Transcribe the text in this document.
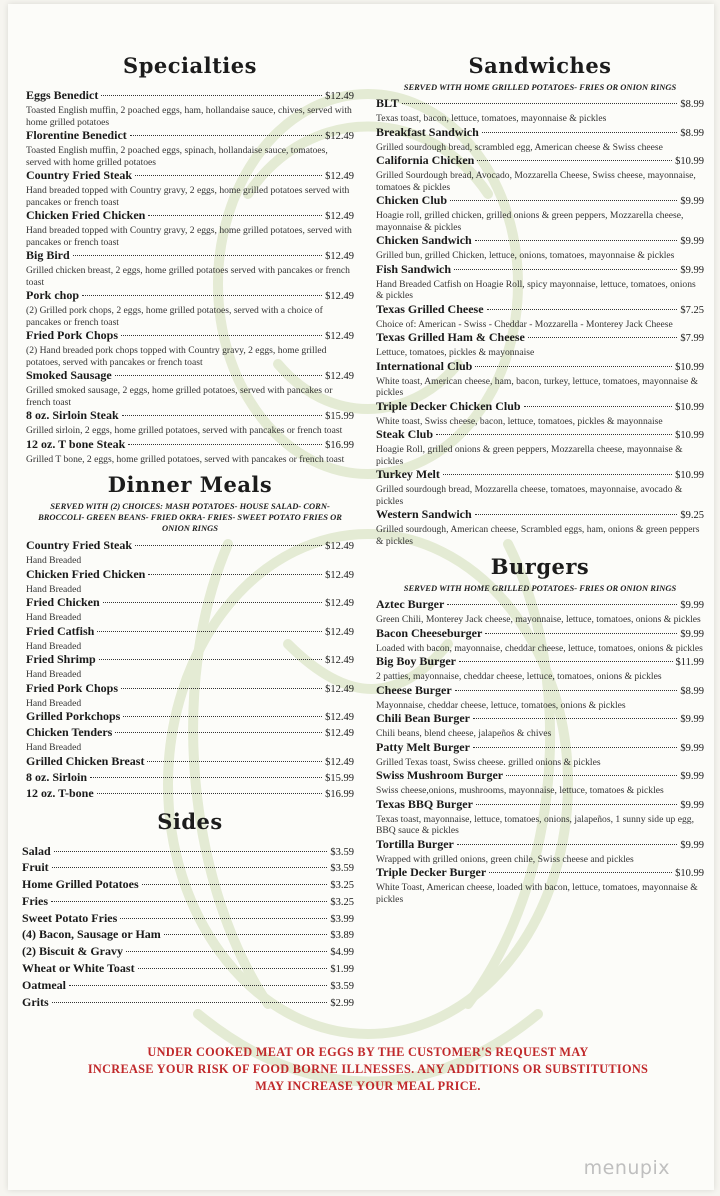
Specialties
Eggs Benedict	$12.49
Toasted English muffin, 2 poached eggs, ham, hollandaise sauce, chives, served with home grilled potatoes
Florentine Benedict	$12.49
Toasted English muffin, 2 poached eggs, spinach, hollandaise sauce, tomatoes, served with home grilled potatoes
Country Fried Steak	$12.49
Hand breaded topped with Country gravy, 2 eggs, home grilled potatoes served with pancakes or french toast
Chicken Fried Chicken	$12.49
Hand breaded topped with Country gravy, 2 eggs, home grilled potatoes, served with pancakes or french toast
Big Bird	$12.49
Grilled chicken breast, 2 eggs, home grilled potatoes served with pancakes or french toast
Pork chop	$12.49
(2) Grilled pork chops, 2 eggs, home grilled potatoes, served with a choice of pancakes or french toast
Fried Pork Chops	$12.49
(2) Hand breaded pork chops topped with Country gravy, 2 eggs, home grilled potatoes, served with pancakes or french toast
Smoked Sausage	$12.49
Grilled smoked sausage, 2 eggs, home grilled potatoes, served with pancakes or french toast
8 oz. Sirloin Steak	$15.99
Grilled sirloin, 2 eggs, home grilled potatoes, served with pancakes or french toast
12 oz. T bone Steak	$16.99
Grilled T bone, 2 eggs, home grilled potatoes, served with pancakes or french toast
Dinner Meals
SERVED WITH (2) CHOICES: MASH POTATOES- HOUSE SALAD- CORN- BROCCOLI- GREEN BEANS- FRIED OKRA- FRIES- SWEET POTATO FRIES OR ONION RINGS
Country Fried Steak	$12.49
Hand Breaded
Chicken Fried Chicken	$12.49
Hand Breaded
Fried Chicken	$12.49
Hand Breaded
Fried Catfish	$12.49
Hand Breaded
Fried Shrimp	$12.49
Hand Breaded
Fried Pork Chops	$12.49
Hand Breaded
Grilled Porkchops	$12.49
Chicken Tenders	$12.49
Hand Breaded
Grilled Chicken Breast	$12.49
8 oz. Sirloin	$15.99
12 oz. T-bone	$16.99
Sides
Salad	$3.59
Fruit	$3.59
Home Grilled Potatoes	$3.25
Fries	$3.25
Sweet Potato Fries	$3.99
(4) Bacon, Sausage or Ham	$3.89
(2) Biscuit & Gravy	$4.99
Wheat or White Toast	$1.99
Oatmeal	$3.59
Grits	$2.99
Sandwiches
SERVED WITH HOME GRILLED POTATOES- FRIES OR ONION RINGS
BLT	$8.99
Texas toast, bacon, lettuce, tomatoes, mayonnaise & pickles
Breakfast Sandwich	$8.99
Grilled sourdough bread, scrambled egg, American cheese & Swiss cheese
California Chicken	$10.99
Grilled Sourdough bread, Avocado, Mozzarella Cheese, Swiss cheese, mayonnaise, tomatoes & pickles
Chicken Club	$9.99
Hoagie roll, grilled chicken, grilled onions & green peppers, Mozzarella cheese, mayonnaise & pickles
Chicken Sandwich	$9.99
Grilled bun, grilled Chicken, lettuce, onions, tomatoes, mayonnaise & pickles
Fish Sandwich	$9.99
Hand Breaded Catfish on Hoagie Roll, spicy mayonnaise, lettuce, tomatoes, onions & pickles
Texas Grilled Cheese	$7.25
Choice of: American - Swiss - Cheddar - Mozzarella - Monterey Jack Cheese
Texas Grilled Ham & Cheese	$7.99
Lettuce, tomatoes, pickles & mayonnaise
International Club	$10.99
White toast, American cheese, ham, bacon, turkey, lettuce, tomatoes, mayonnaise & pickles
Triple Decker Chicken Club	$10.99
White toast, Swiss cheese, bacon, lettuce, tomatoes, pickles & mayonnaise
Steak Club	$10.99
Hoagie Roll, grilled onions & green peppers, Mozzarella cheese, mayonnaise & pickles
Turkey Melt	$10.99
Grilled sourdough bread, Mozzarella cheese, tomatoes, mayonnaise, avocado & pickles
Western Sandwich	$9.25
Grilled sourdough, American cheese, Scrambled eggs, ham, onions & green peppers & pickles
Burgers
SERVED WITH HOME GRILLED POTATOES- FRIES OR ONION RINGS
Aztec Burger	$9.99
Green Chili, Monterey Jack cheese, mayonnaise, lettuce, tomatoes, onions & pickles
Bacon Cheeseburger	$9.99
Loaded with bacon, mayonnaise, cheddar cheese, lettuce, tomatoes, onions & pickles
Big Boy Burger	$11.99
2 patties, mayonnaise, cheddar cheese, lettuce, tomatoes, onions & pickles
Cheese Burger	$8.99
Mayonnaise, cheddar cheese, lettuce, tomatoes, onions & pickles
Chili Bean Burger	$9.99
Chili beans, blend cheese, jalapeños & chives
Patty Melt Burger	$9.99
Grilled Texas toast, Swiss cheese. grilled onions & pickles
Swiss Mushroom Burger	$9.99
Swiss cheese,onions, mushrooms, mayonnaise, lettuce, tomatoes & pickles
Texas BBQ Burger	$9.99
Texas toast, mayonnaise, lettuce, tomatoes, onions, jalapeños, 1 sunny side up egg, BBQ sauce & pickles
Tortilla Burger	$9.99
Wrapped with grilled onions, green chile, Swiss cheese and pickles
Triple Decker Burger	$10.99
White Toast, American cheese, loaded with bacon, lettuce, tomatoes, mayonnaise & pickles
UNDER COOKED MEAT OR EGGS BY THE CUSTOMER'S REQUEST MAY
INCREASE YOUR RISK OF FOOD BORNE ILLNESSES. ANY ADDITIONS OR SUBSTITUTIONS
MAY INCREASE YOUR MEAL PRICE.
menupix
